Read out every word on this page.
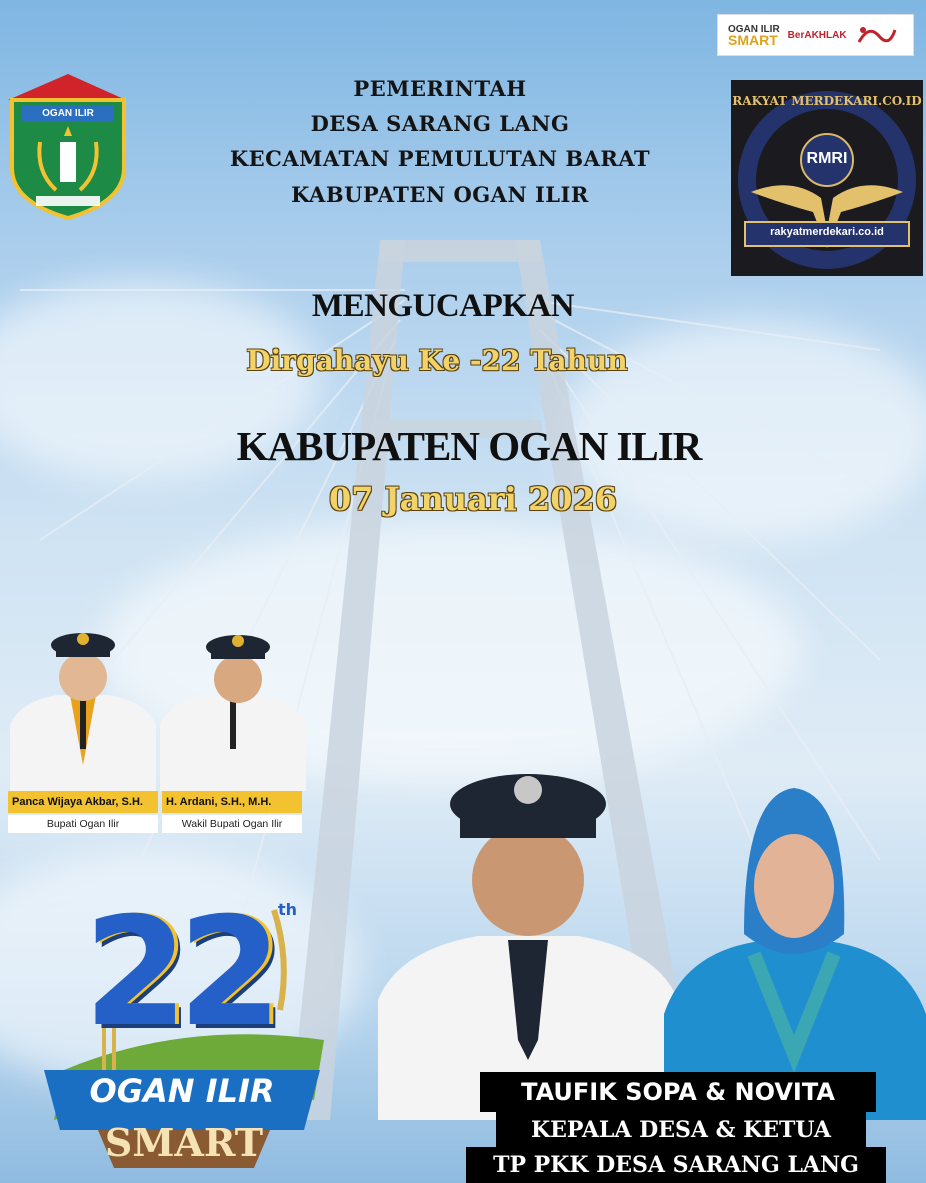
OGAN ILIR
SMART BerAKHLAK
OGAN ILIR
PEMERINTAH
DESA SARANG LANG
KECAMATAN PEMULUTAN BARAT
KABUPATEN OGAN ILIR
RAKYAT MERDEKARI.CO.ID
RMRI
rakyatmerdekari.co.id
MENGUCAPKAN
Dirgahayu Ke -22 Tahun
KABUPATEN OGAN ILIR
07 Januari 2026
Panca Wijaya Akbar, S.H.	H. Ardani, S.H., M.H.
Bupati Ogan Ilir	Wakil Bupati Ogan Ilir
22 th
OGAN ILIR
SMART
TAUFIK SOPA & NOVITA
KEPALA DESA & KETUA
TP PKK DESA SARANG LANG
